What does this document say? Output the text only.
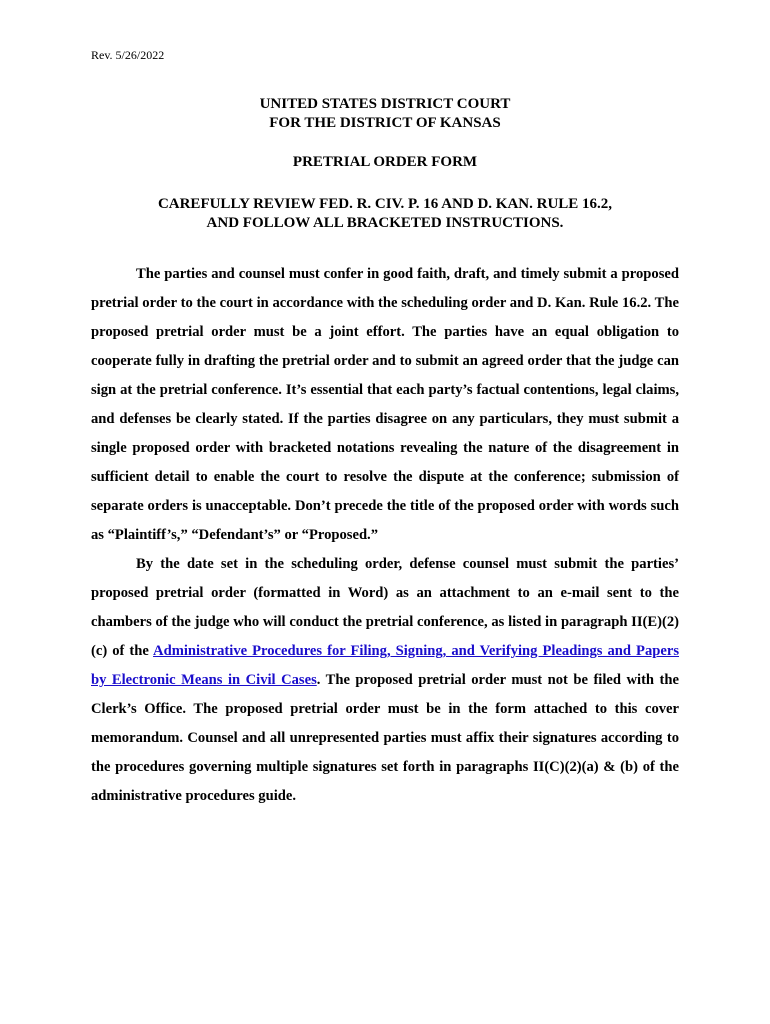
Rev. 5/26/2022
UNITED STATES DISTRICT COURT
FOR THE DISTRICT OF KANSAS
PRETRIAL ORDER FORM
CAREFULLY REVIEW FED. R. CIV. P. 16 AND D. KAN. RULE 16.2,
AND FOLLOW ALL BRACKETED INSTRUCTIONS.

The parties and counsel must confer in good faith, draft, and timely submit a proposed pretrial order to the court in accordance with the scheduling order and D. Kan. Rule 16.2. The proposed pretrial order must be a joint effort. The parties have an equal obligation to cooperate fully in drafting the pretrial order and to submit an agreed order that the judge can sign at the pretrial conference. It’s essential that each party’s factual contentions, legal claims, and defenses be clearly stated. If the parties disagree on any particulars, they must submit a single proposed order with bracketed notations revealing the nature of the disagreement in sufficient detail to enable the court to resolve the dispute at the conference; submission of separate orders is unacceptable. Don’t precede the title of the proposed order with words such as “Plaintiff’s,” “Defendant’s” or “Proposed.”

By the date set in the scheduling order, defense counsel must submit the parties’ proposed pretrial order (formatted in Word) as an attachment to an e-mail sent to the chambers of the judge who will conduct the pretrial conference, as listed in paragraph II(E)(2)(c) of the Administrative Procedures for Filing, Signing, and Verifying Pleadings and Papers by Electronic Means in Civil Cases. The proposed pretrial order must not be filed with the Clerk’s Office. The proposed pretrial order must be in the form attached to this cover memorandum. Counsel and all unrepresented parties must affix their signatures according to the procedures governing multiple signatures set forth in paragraphs II(C)(2)(a) & (b) of the administrative procedures guide.
